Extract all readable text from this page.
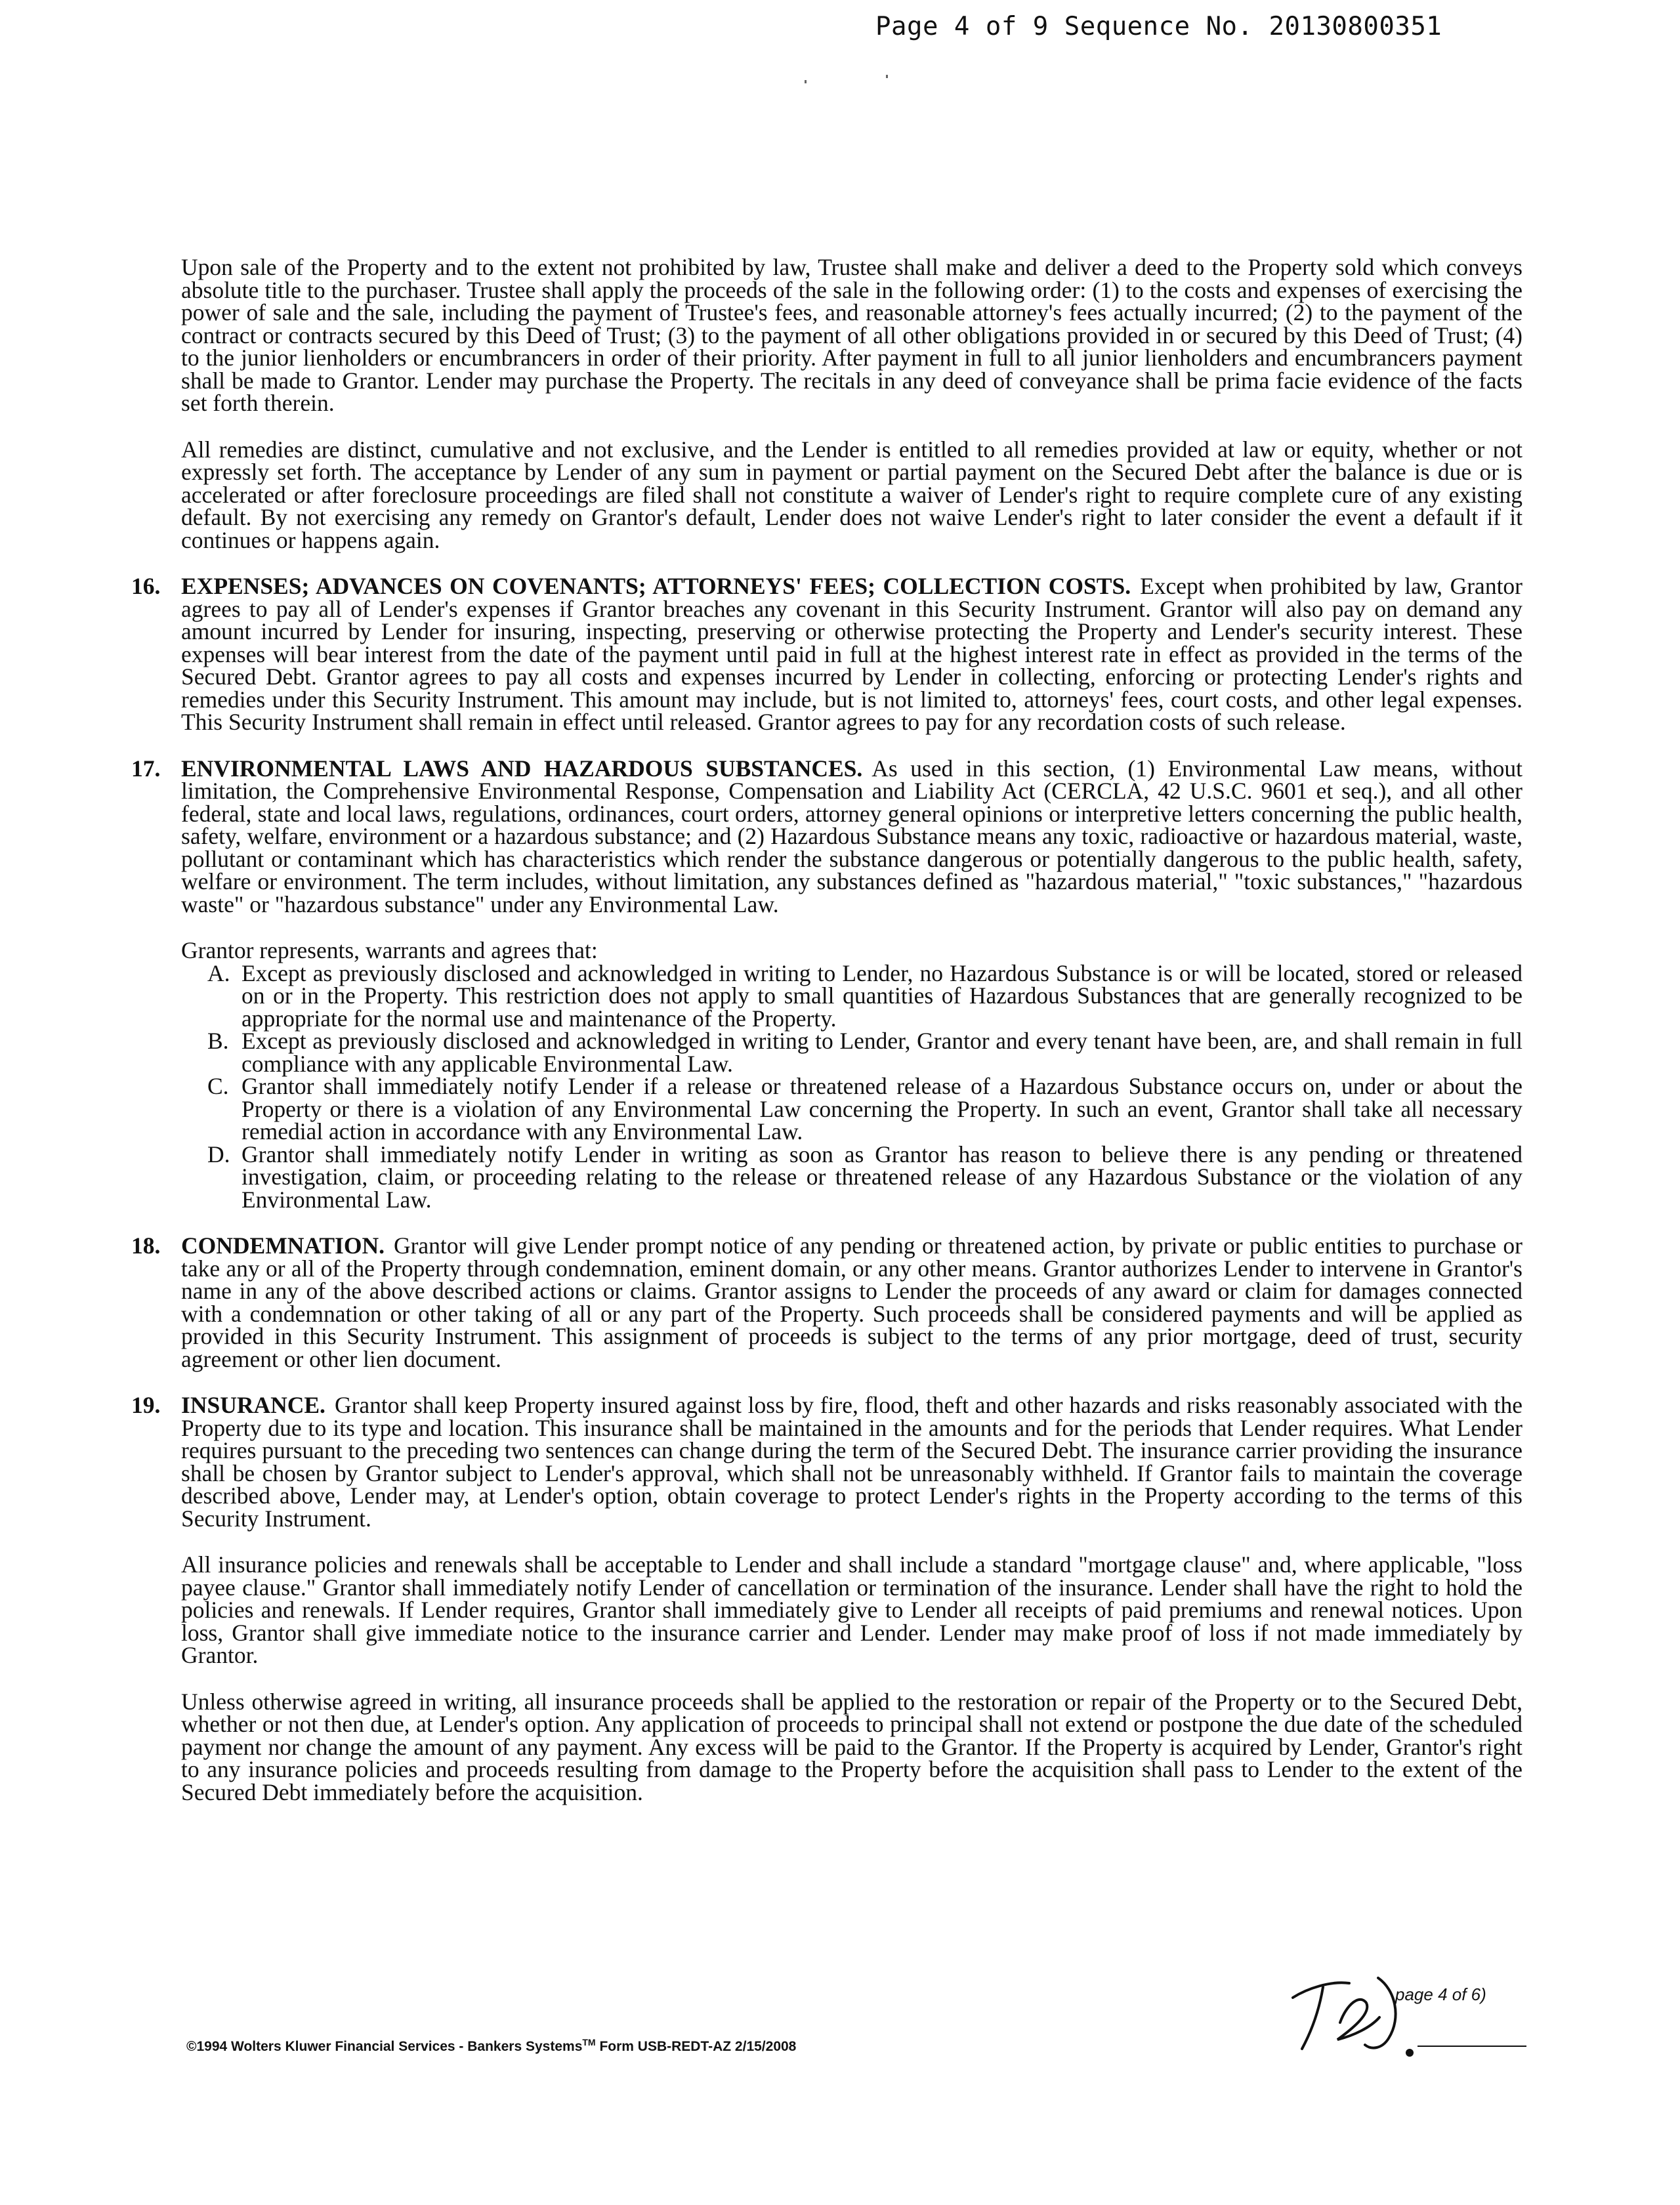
Page 4 of 9 Sequence No. 20130800351

Upon sale of the Property and to the extent not prohibited by law, Trustee shall make and deliver a deed to the Property sold which conveys absolute title to the purchaser. Trustee shall apply the proceeds of the sale in the following order: (1) to the costs and expenses of exercising the power of sale and the sale, including the payment of Trustee's fees, and reasonable attorney's fees actually incurred; (2) to the payment of the contract or contracts secured by this Deed of Trust; (3) to the payment of all other obligations provided in or secured by this Deed of Trust; (4) to the junior lienholders or encumbrancers in order of their priority. After payment in full to all junior lienholders and encumbrancers payment shall be made to Grantor. Lender may purchase the Property. The recitals in any deed of conveyance shall be prima facie evidence of the facts set forth therein.

All remedies are distinct, cumulative and not exclusive, and the Lender is entitled to all remedies provided at law or equity, whether or not expressly set forth. The acceptance by Lender of any sum in payment or partial payment on the Secured Debt after the balance is due or is accelerated or after foreclosure proceedings are filed shall not constitute a waiver of Lender's right to require complete cure of any existing default. By not exercising any remedy on Grantor's default, Lender does not waive Lender's right to later consider the event a default if it continues or happens again.

16. EXPENSES; ADVANCES ON COVENANTS; ATTORNEYS' FEES; COLLECTION COSTS. Except when prohibited by law, Grantor agrees to pay all of Lender's expenses if Grantor breaches any covenant in this Security Instrument. Grantor will also pay on demand any amount incurred by Lender for insuring, inspecting, preserving or otherwise protecting the Property and Lender's security interest. These expenses will bear interest from the date of the payment until paid in full at the highest interest rate in effect as provided in the terms of the Secured Debt. Grantor agrees to pay all costs and expenses incurred by Lender in collecting, enforcing or protecting Lender's rights and remedies under this Security Instrument. This amount may include, but is not limited to, attorneys' fees, court costs, and other legal expenses. This Security Instrument shall remain in effect until released. Grantor agrees to pay for any recordation costs of such release.
17. ENVIRONMENTAL LAWS AND HAZARDOUS SUBSTANCES. As used in this section, (1) Environmental Law means, without limitation, the Comprehensive Environmental Response, Compensation and Liability Act (CERCLA, 42 U.S.C. 9601 et seq.), and all other federal, state and local laws, regulations, ordinances, court orders, attorney general opinions or interpretive letters concerning the public health, safety, welfare, environment or a hazardous substance; and (2) Hazardous Substance means any toxic, radioactive or hazardous material, waste, pollutant or contaminant which has characteristics which render the substance dangerous or potentially dangerous to the public health, safety, welfare or environment. The term includes, without limitation, any substances defined as "hazardous material," "toxic substances," "hazardous waste" or "hazardous substance" under any Environmental Law.

Grantor represents, warrants and agrees that:

A. Except as previously disclosed and acknowledged in writing to Lender, no Hazardous Substance is or will be located, stored or released on or in the Property. This restriction does not apply to small quantities of Hazardous Substances that are generally recognized to be appropriate for the normal use and maintenance of the Property.
B. Except as previously disclosed and acknowledged in writing to Lender, Grantor and every tenant have been, are, and shall remain in full compliance with any applicable Environmental Law.
C. Grantor shall immediately notify Lender if a release or threatened release of a Hazardous Substance occurs on, under or about the Property or there is a violation of any Environmental Law concerning the Property. In such an event, Grantor shall take all necessary remedial action in accordance with any Environmental Law.
D. Grantor shall immediately notify Lender in writing as soon as Grantor has reason to believe there is any pending or threatened investigation, claim, or proceeding relating to the release or threatened release of any Hazardous Substance or the violation of any Environmental Law.
18. CONDEMNATION. Grantor will give Lender prompt notice of any pending or threatened action, by private or public entities to purchase or take any or all of the Property through condemnation, eminent domain, or any other means. Grantor authorizes Lender to intervene in Grantor's name in any of the above described actions or claims. Grantor assigns to Lender the proceeds of any award or claim for damages connected with a condemnation or other taking of all or any part of the Property. Such proceeds shall be considered payments and will be applied as provided in this Security Instrument. This assignment of proceeds is subject to the terms of any prior mortgage, deed of trust, security agreement or other lien document.
19. INSURANCE. Grantor shall keep Property insured against loss by fire, flood, theft and other hazards and risks reasonably associated with the Property due to its type and location. This insurance shall be maintained in the amounts and for the periods that Lender requires. What Lender requires pursuant to the preceding two sentences can change during the term of the Secured Debt. The insurance carrier providing the insurance shall be chosen by Grantor subject to Lender's approval, which shall not be unreasonably withheld. If Grantor fails to maintain the coverage described above, Lender may, at Lender's option, obtain coverage to protect Lender's rights in the Property according to the terms of this Security Instrument.

All insurance policies and renewals shall be acceptable to Lender and shall include a standard "mortgage clause" and, where applicable, "loss payee clause." Grantor shall immediately notify Lender of cancellation or termination of the insurance. Lender shall have the right to hold the policies and renewals. If Lender requires, Grantor shall immediately give to Lender all receipts of paid premiums and renewal notices. Upon loss, Grantor shall give immediate notice to the insurance carrier and Lender. Lender may make proof of loss if not made immediately by Grantor.

Unless otherwise agreed in writing, all insurance proceeds shall be applied to the restoration or repair of the Property or to the Secured Debt, whether or not then due, at Lender's option. Any application of proceeds to principal shall not extend or postpone the due date of the scheduled payment nor change the amount of any payment. Any excess will be paid to the Grantor. If the Property is acquired by Lender, Grantor's right to any insurance policies and proceeds resulting from damage to the Property before the acquisition shall pass to Lender to the extent of the Secured Debt immediately before the acquisition.

page 4 of 6)
©1994 Wolters Kluwer Financial Services - Bankers Systems™ Form USB-REDT-AZ 2/15/2008
